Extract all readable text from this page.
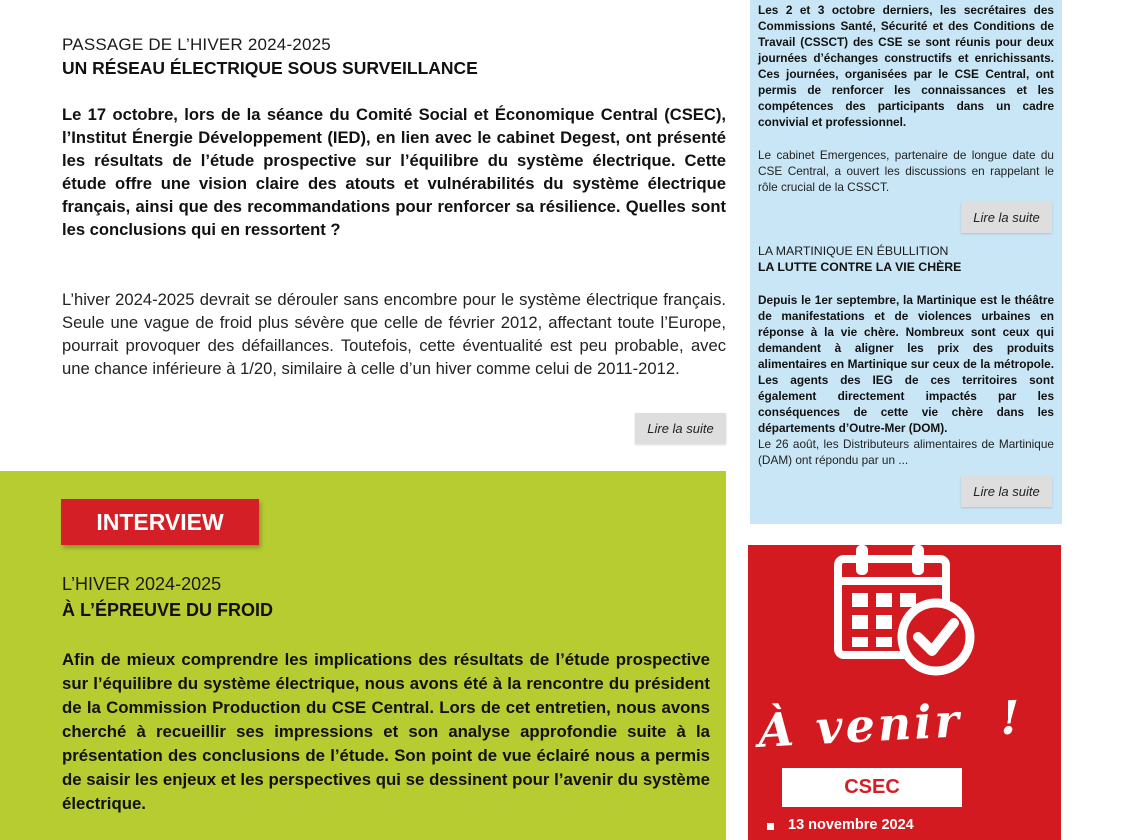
PASSAGE DE L’HIVER 2024-2025
UN RÉSEAU ÉLECTRIQUE SOUS SURVEILLANCE
Le 17 octobre, lors de la séance du Comité Social et Économique Central (CSEC), l’Institut Énergie Développement (IED), en lien avec le cabinet Degest, ont présenté les résultats de l’étude prospective sur l’équilibre du système électrique. Cette étude offre une vision claire des atouts et vulnérabilités du système électrique français, ainsi que des recommandations pour renforcer sa résilience. Quelles sont les conclusions qui en ressortent ?
L’hiver 2024-2025 devrait se dérouler sans encombre pour le système électrique français. Seule une vague de froid plus sévère que celle de février 2012, affectant toute l’Europe, pourrait provoquer des défaillances. Toutefois, cette éventualité est peu probable, avec une chance inférieure à 1/20, similaire à celle d’un hiver comme celui de 2011-2012.
Lire la suite
INTERVIEW
L’HIVER 2024-2025
À L’ÉPREUVE DU FROID
Afin de mieux comprendre les implications des résultats de l’étude prospective sur l’équilibre du système électrique, nous avons été à la rencontre du président de la Commission Production du CSE Central. Lors de cet entretien, nous avons cherché à recueillir ses impressions et son analyse approfondie suite à la présentation des conclusions de l’étude. Son point de vue éclairé nous a permis de saisir les enjeux et les perspectives qui se dessinent pour l’avenir du système électrique.
Les 2 et 3 octobre derniers, les secrétaires des Commissions Santé, Sécurité et des Conditions de Travail (CSSCT) des CSE se sont réunis pour deux journées d’échanges constructifs et enrichissants. Ces journées, organisées par le CSE Central, ont permis de renforcer les connaissances et les compétences des participants dans un cadre convivial et professionnel.
Le cabinet Emergences, partenaire de longue date du CSE Central, a ouvert les discussions en rappelant le rôle crucial de la CSSCT.
Lire la suite
LA MARTINIQUE EN ÉBULLITION
LA LUTTE CONTRE LA VIE CHÈRE
Depuis le 1er septembre, la Martinique est le théâtre de manifestations et de violences urbaines en réponse à la vie chère. Nombreux sont ceux qui demandent à aligner les prix des produits alimentaires en Martinique sur ceux de la métropole. Les agents des IEG de ces territoires sont également directement impactés par les conséquences de cette vie chère dans les départements d’Outre-Mer (DOM).
Le 26 août, les Distributeurs alimentaires de Martinique (DAM) ont répondu par un ...
Lire la suite
À venir  !
CSEC
13 novembre 2024
